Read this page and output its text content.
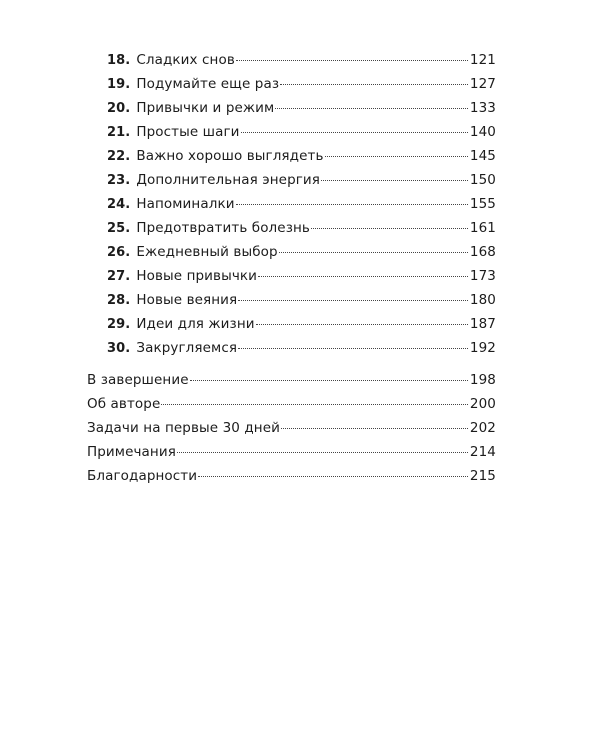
18. Сладких снов	121
19. Подумайте еще раз	127
20. Привычки и режим	133
21. Простые шаги	140
22. Важно хорошо выглядеть	145
23. Дополнительная энергия	150
24. Напоминалки	155
25. Предотвратить болезнь	161
26. Ежедневный выбор	168
27. Новые привычки	173
28. Новые веяния	180
29. Идеи для жизни	187
30. Закругляемся	192
В завершение	198
Об авторе	200
Задачи на первые 30 дней	202
Примечания	214
Благодарности	215
